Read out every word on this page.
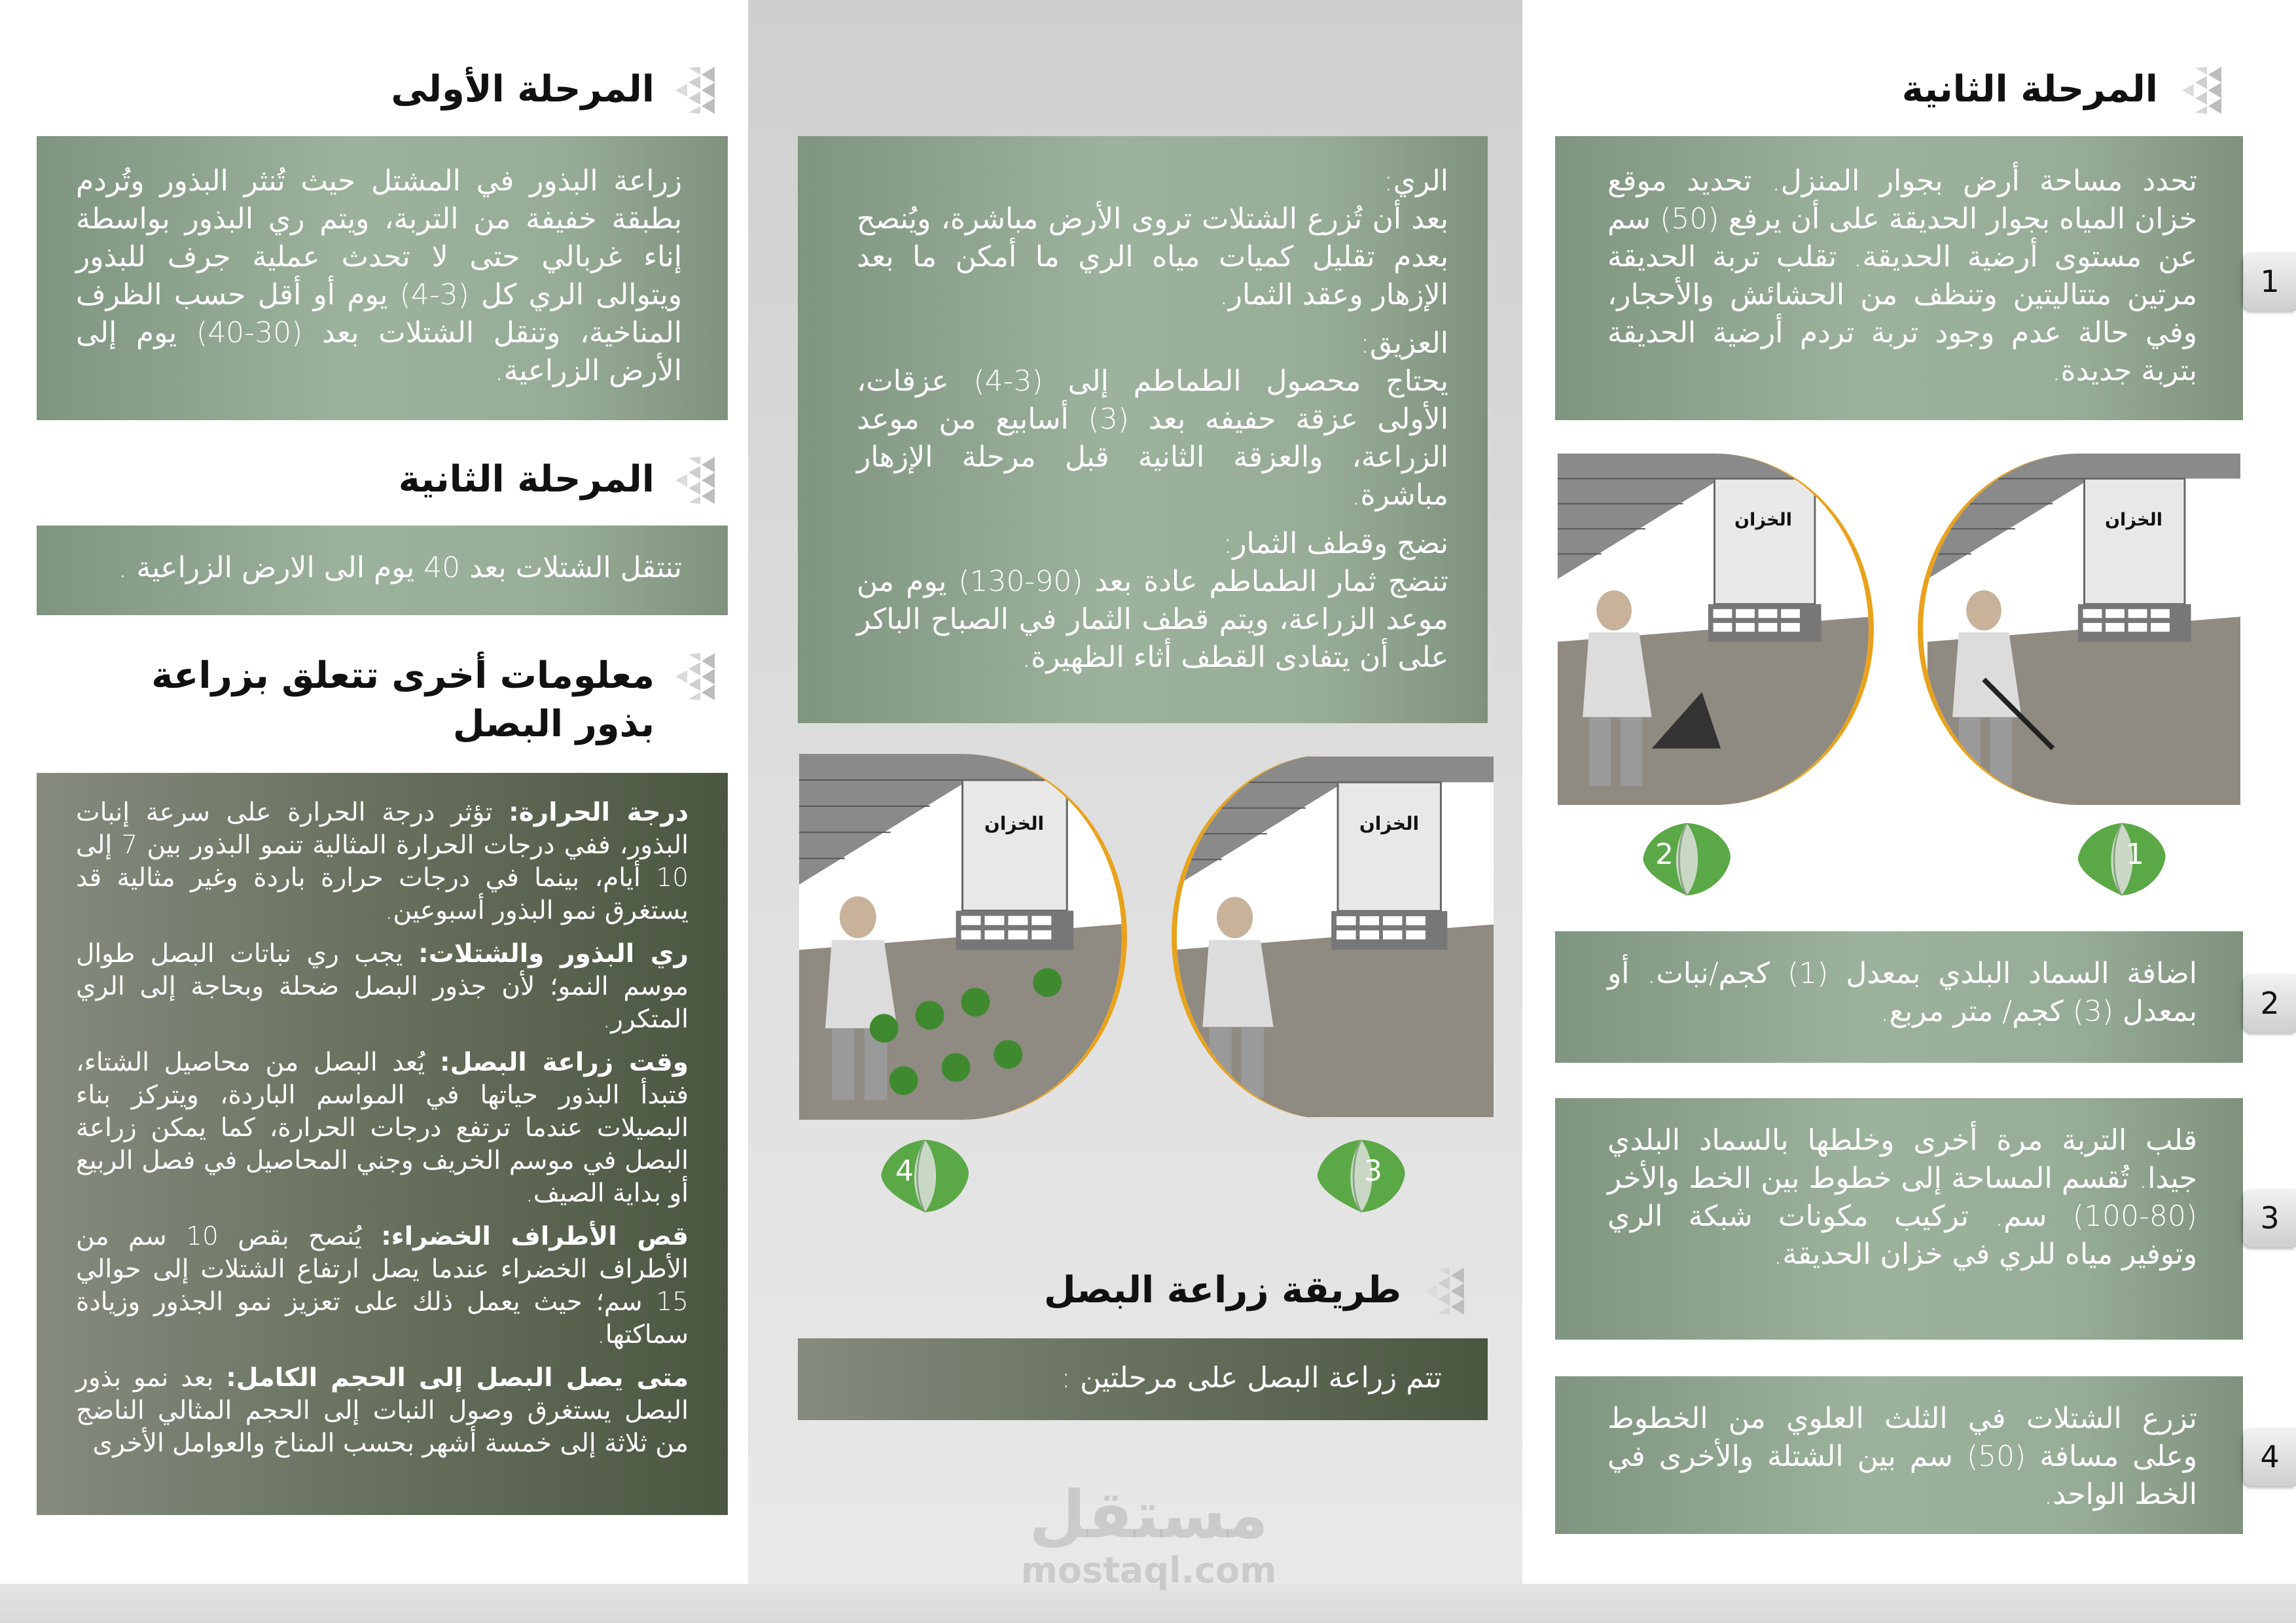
المرحلة الأولى

زراعة البذور في المشتل حيث تُنثر البذور وتُردم بطبقة خفيفة من التربة، ويتم ري البذور بواسطة إناء غربالي حتى لا تحدث عملية جرف للبذور ويتوالى الري كل (3-4) يوم أو أقل حسب الظرف المناخية، وتنقل الشتلات بعد (30-40) يوم إلى الأرض الزراعية.

المرحلة الثانية

تنتقل الشتلات بعد 40 يوم الى الارض الزراعية .

معلومات أخرى تتعلق بزراعة
بذور البصل

درجة الحرارة: تؤثر درجة الحرارة على سرعة إنبات البذور، ففي درجات الحرارة المثالية تنمو البذور بين 7 إلى 10 أيام، بينما في درجات حرارة باردة وغير مثالية قد يستغرق نمو البذور أسبوعين.

ري البذور والشتلات: يجب ري نباتات البصل طوال موسم النمو؛ لأن جذور البصل ضحلة وبحاجة إلى الري المتكرر.

وقت زراعة البصل: يُعد البصل من محاصيل الشتاء، فتبدأ البذور حياتها في المواسم الباردة، ويتركز بناء البصيلات عندما ترتفع درجات الحرارة، كما يمكن زراعة البصل في موسم الخريف وجني المحاصيل في فصل الربيع أو بداية الصيف.

قص الأطراف الخضراء: يُنصح بقص 10 سم من الأطراف الخضراء عندما يصل ارتفاع الشتلات إلى حوالي 15 سم؛ حيث يعمل ذلك على تعزيز نمو الجذور وزيادة سماكتها.

متى يصل البصل إلى الحجم الكامل: بعد نمو بذور البصل يستغرق وصول النبات إلى الحجم المثالي الناضج من ثلاثة إلى خمسة أشهر بحسب المناخ والعوامل الأخرى

الري:
بعد أن تُزرع الشتلات تروى الأرض مباشرة، ويُنصح بعدم تقليل كميات مياه الري ما أمكن ما بعد الإزهار وعقد الثمار.

العزيق:
يحتاج محصول الطماطم إلى (3-4) عزقات، الأولى عزقة حفيفه بعد (3) أسابيع من موعد الزراعة، والعزقة الثانية قبل مرحلة الإزهار مباشرة.

نضج وقطف الثمار:
تنضج ثمار الطماطم عادة بعد (90-130) يوم من موعد الزراعة، ويتم قطف الثمار في الصباح الباكر على أن يتفادى القطف أثاء الظهيرة.

الخزان	الخزان
4	3
طريقة زراعة البصل

تتم زراعة البصل على مرحلتين :

مستقل
mostaql.com
المرحلة الثانية

تحدد مساحة أرض بجوار المنزل. تحديد موقع خزان المياه بجوار الحديقة على أن يرفع (50) سم عن مستوى أرضية الحديقة. تقلب تربة الحديقة مرتين متتاليتين وتنظف من الحشائش والأحجار، وفي حالة عدم وجود تربة تردم أرضية الحديقة بتربة جديدة.

1
الخزان	الخزان
2	1

اضافة السماد البلدي بمعدل (1) كجم/نبات. أو بمعدل (3) كجم/ متر مربع.	2

قلب التربة مرة أخرى وخلطها بالسماد البلدي جيدا. تُقسم المساحة إلى خطوط بين الخط والأخر (80-100) سم. تركيب مكونات شبكة الري وتوفير مياه للري في خزان الحديقة.

3

تزرع الشتلات في الثلث العلوي من الخطوط وعلى مسافة (50) سم بين الشتلة والأخرى في الخط الواحد.

4
